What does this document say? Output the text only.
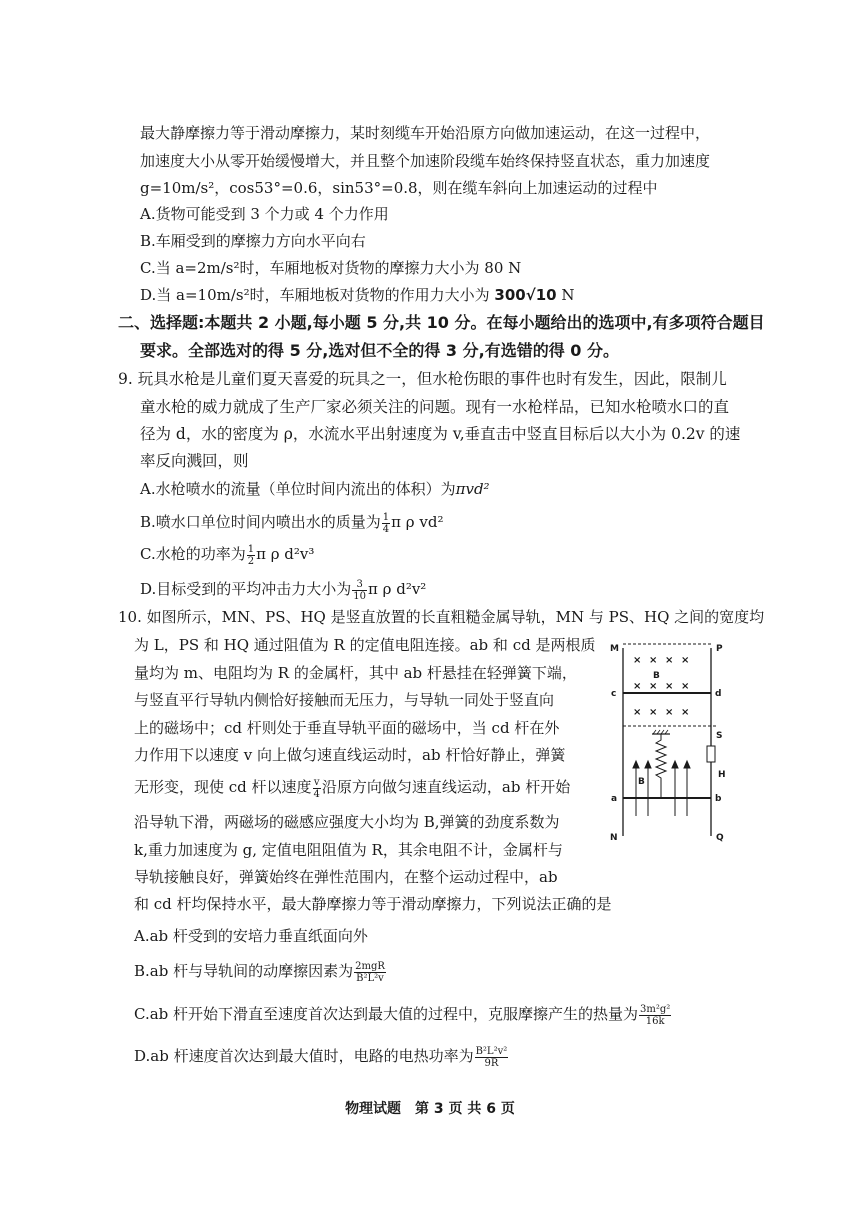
最大静摩擦力等于滑动摩擦力，某时刻缆车开始沿原方向做加速运动，在这一过程中，
加速度大小从零开始缓慢增大，并且整个加速阶段缆车始终保持竖直状态，重力加速度
g=10m/s²，cos53°=0.6，sin53°=0.8，则在缆车斜向上加速运动的过程中
A.货物可能受到 3 个力或 4 个力作用
B.车厢受到的摩擦力方向水平向右
C.当 a=2m/s²时，车厢地板对货物的摩擦力大小为 80 N
D.当 a=10m/s²时，车厢地板对货物的作用力大小为 300√10 N
二、选择题:本题共 2 小题,每小题 5 分,共 10 分。在每小题给出的选项中,有多项符合题目
要求。全部选对的得 5 分,选对但不全的得 3 分,有选错的得 0 分。
9. 玩具水枪是儿童们夏天喜爱的玩具之一，但水枪伤眼的事件也时有发生，因此，限制儿
童水枪的威力就成了生产厂家必须关注的问题。现有一水枪样品，已知水枪喷水口的直
径为 d，水的密度为 ρ，水流水平出射速度为 v,垂直击中竖直目标后以大小为 0.2v 的速
率反向溅回，则
A.水枪喷水的流量（单位时间内流出的体积）为πvd²
B.喷水口单位时间内喷出水的质量为 $\frac{1}{4}$ π ρ vd²
C.水枪的功率为 $\frac{1}{2}$ π ρ d²v³
D.目标受到的平均冲击力大小为 $\frac{3}{10}$ π ρ d²v²
10. 如图所示，MN、PS、HQ 是竖直放置的长直粗糙金属导轨，MN 与 PS、HQ 之间的宽度均
为 L，PS 和 HQ 通过阻值为 R 的定值电阻连接。ab 和 cd 是两根质
量均为 m、电阻均为 R 的金属杆，其中 ab 杆悬挂在轻弹簧下端，
与竖直平行导轨内侧恰好接触而无压力，与导轨一同处于竖直向
上的磁场中；cd 杆则处于垂直导轨平面的磁场中，当 cd 杆在外
力作用下以速度 v 向上做匀速直线运动时，ab 杆恰好静止，弹簧
无形变，现使 cd 杆以速度 $\frac{v}{4}$ 沿原方向做匀速直线运动，ab 杆开始
沿导轨下滑，两磁场的磁感应强度大小均为 B,弹簧的劲度系数为
k,重力加速度为 g, 定值电阻阻值为 R，其余电阻不计，金属杆与
导轨接触良好，弹簧始终在弹性范围内，在整个运动过程中，ab
和 cd 杆均保持水平，最大静摩擦力等于滑动摩擦力，下列说法正确的是
A.ab 杆受到的安培力垂直纸面向外
B.ab 杆与导轨间的动摩擦因素为 $\frac{\text{2mgR}}{\text{B²L²v}}$
C.ab 杆开始下滑直至速度首次达到最大值的过程中，克服摩擦产生的热量为 $\frac{\text{3m²g²}}{16k}$
D.ab 杆速度首次达到最大值时，电路的电热功率为 $\frac{\text{B²L²v²}}{9R}$
× × × ×
× × × ×
× × × ×
M	P
B
c	d
S
H
B
a	b
N	Q
物理试题　第 3 页 共 6 页
